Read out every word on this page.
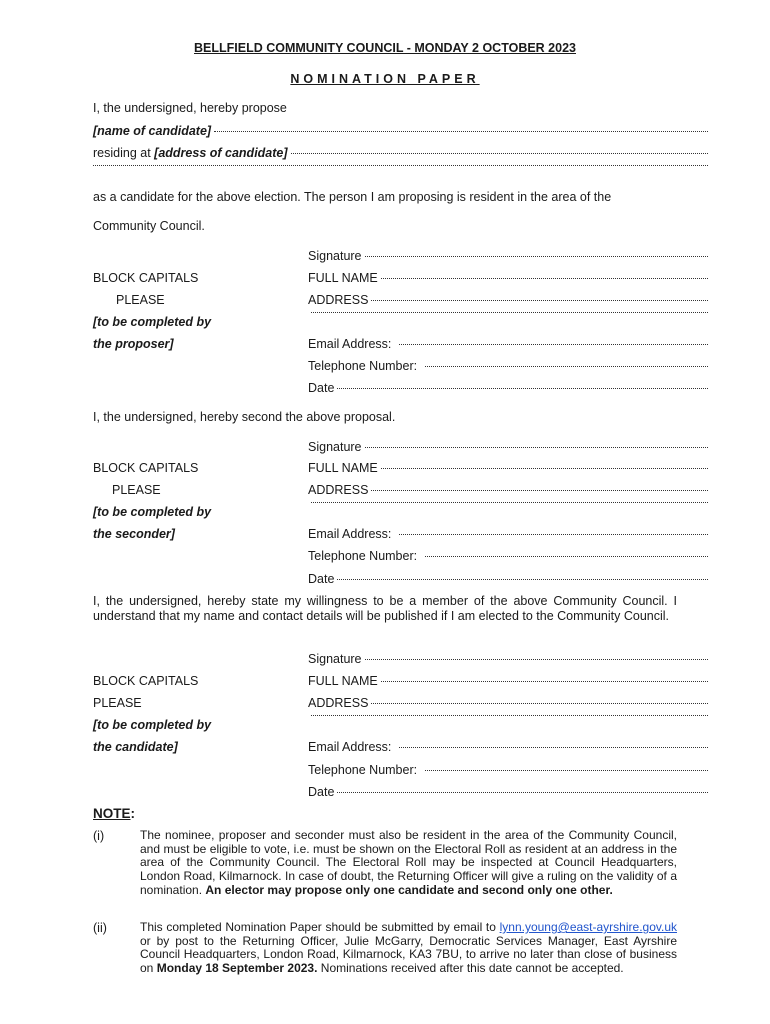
BELLFIELD COMMUNITY COUNCIL - MONDAY 2 OCTOBER 2023
NOMINATION PAPER
I, the undersigned, hereby propose
[name of candidate]
residing at
[address of candidate]
as a candidate for the above election. The person I am proposing is resident in the area of the
Community Council.
BLOCK CAPITALS
PLEASE
[to be completed by
the proposer]
Signature
FULL NAME
ADDRESS
Email Address:
Telephone Number:
Date
I, the undersigned, hereby second the above proposal.
BLOCK CAPITALS
PLEASE
[to be completed by
the seconder]
Signature
FULL NAME
ADDRESS
Email Address:
Telephone Number:
Date
I, the undersigned, hereby state my willingness to be a member of the above Community Council. I understand that my name and contact details will be published if I am elected to the Community Council.
BLOCK CAPITALS
PLEASE
[to be completed by
the candidate]
Signature
FULL NAME
ADDRESS
Email Address:
Telephone Number:
Date
NOTE:
(i)	The nominee, proposer and seconder must also be resident in the area of the Community Council, and must be eligible to vote, i.e. must be shown on the Electoral Roll as resident at an address in the area of the Community Council. The Electoral Roll may be inspected at Council Headquarters, London Road, Kilmarnock. In case of doubt, the Returning Officer will give a ruling on the validity of a nomination. An elector may propose only one candidate and second only one other.
(ii)	This completed Nomination Paper should be submitted by email to lynn.young@east-ayrshire.gov.uk or by post to the Returning Officer, Julie McGarry, Democratic Services Manager, East Ayrshire Council Headquarters, London Road, Kilmarnock, KA3 7BU, to arrive no later than close of business on Monday 18 September 2023. Nominations received after this date cannot be accepted.
